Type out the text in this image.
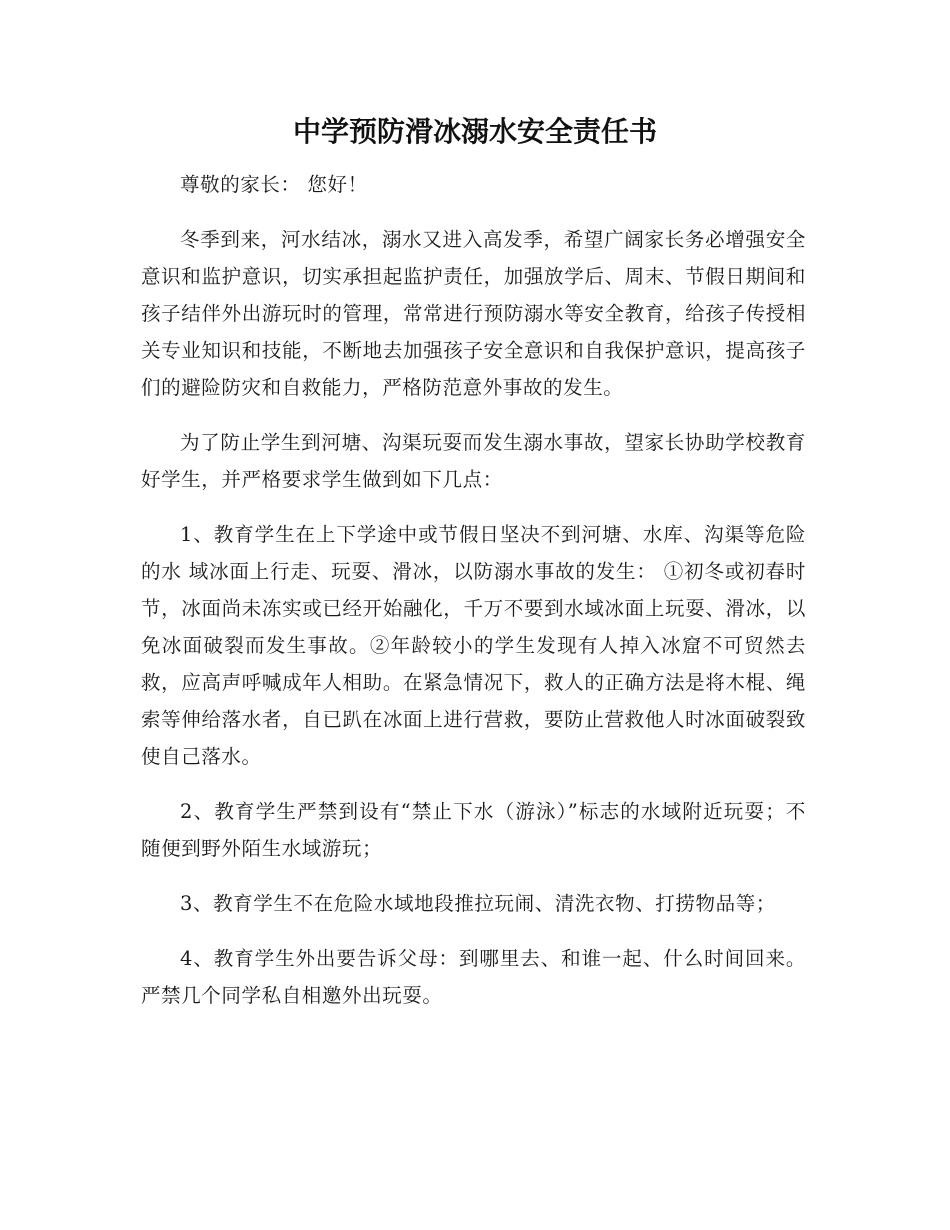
中学预防滑冰溺水安全责任书

尊敬的家长： 您好！

冬季到来，河水结冰，溺水又进入高发季，希望广阔家长务必增强安全意识和监护意识，切实承担起监护责任，加强放学后、周末、节假日期间和孩子结伴外出游玩时的管理，常常进行预防溺水等安全教育，给孩子传授相关专业知识和技能，不断地去加强孩子安全意识和自我保护意识，提高孩子们的避险防灾和自救能力，严格防范意外事故的发生。

为了防止学生到河塘、沟渠玩耍而发生溺水事故，望家长协助学校教育好学生，并严格要求学生做到如下几点：

1、教育学生在上下学途中或节假日坚决不到河塘、水库、沟渠等危险的水 域冰面上行走、玩耍、滑冰，以防溺水事故的发生： ①初冬或初春时节，冰面尚未冻实或已经开始融化，千万不要到水域冰面上玩耍、滑冰，以免冰面破裂而发生事故。②年龄较小的学生发现有人掉入冰窟不可贸然去救，应高声呼喊成年人相助。在紧急情况下，救人的正确方法是将木棍、绳索等伸给落水者，自已趴在冰面上进行营救，要防止营救他人时冰面破裂致使自己落水。

2、教育学生严禁到设有“禁止下水（游泳）”标志的水域附近玩耍；不随便到野外陌生水域游玩；

3、教育学生不在危险水域地段推拉玩闹、清洗衣物、打捞物品等；

4、教育学生外出要告诉父母：到哪里去、和谁一起、什么时间回来。严禁几个同学私自相邀外出玩耍。
